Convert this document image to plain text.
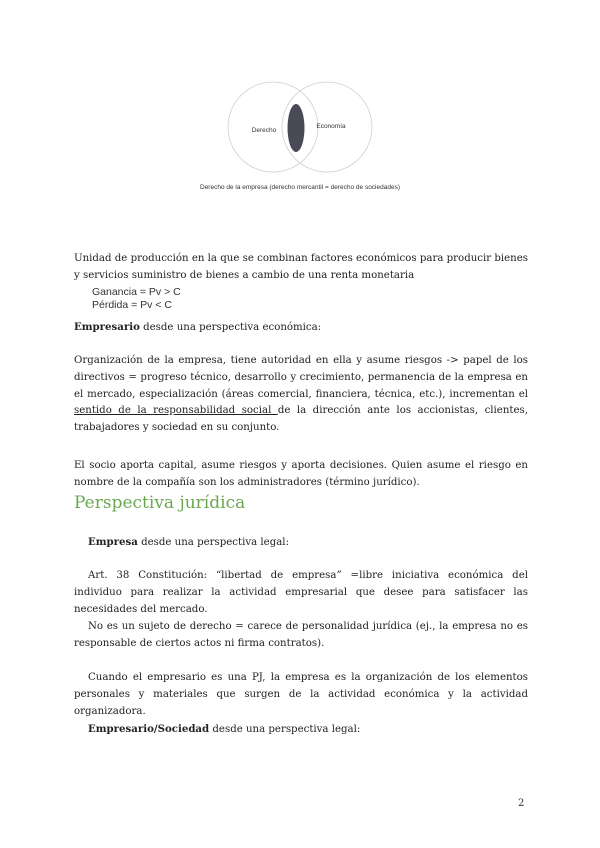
Derecho
Economía
Derecho de la empresa (derecho mercantil = derecho de sociedades)

Unidad de producción en la que se combinan factores económicos para producir bienes y servicios suministro de bienes a cambio de una renta monetaria

Ganancia = Pv > C
Pérdida = Pv < C

Empresario desde una perspectiva económica:

Organización de la empresa, tiene autoridad en ella y asume riesgos -> papel de los directivos = progreso técnico, desarrollo y crecimiento, permanencia de la empresa en el mercado, especialización (áreas comercial, financiera, técnica, etc.), incrementan el sentido de la responsabilidad social de la dirección ante los accionistas, clientes, trabajadores y sociedad en su conjunto.

El socio aporta capital, asume riesgos y aporta decisiones. Quien asume el riesgo en nombre de la compañía son los administradores (término jurídico).

Perspectiva jurídica

Empresa desde una perspectiva legal:

Art. 38 Constitución: “libertad de empresa” =libre iniciativa económica del individuo para realizar la actividad empresarial que desee para satisfacer las necesidades del mercado.

No es un sujeto de derecho = carece de personalidad jurídica (ej., la empresa no es responsable de ciertos actos ni firma contratos).

Cuando el empresario es una PJ, la empresa es la organización de los elementos personales y materiales que surgen de la actividad económica y la actividad organizadora.

Empresario/Sociedad desde una perspectiva legal:

2
